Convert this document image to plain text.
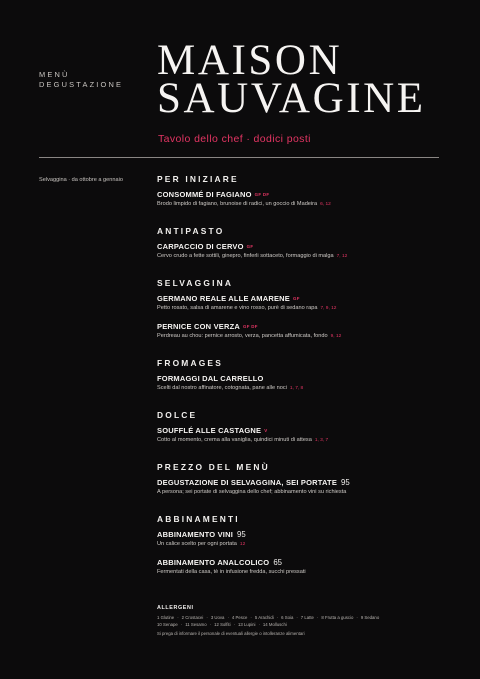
MENÙ
DEGUSTAZIONE
MAISON
SAUVAGINE
Tavolo dello chef · dodici posti
Selvaggina · da ottobre a gennaio	PER INIZIARE
CONSOMMÉ DI FAGIANO GF DF
Brodo limpido di fagiano, brunoise di radici, un goccio di Madeira 6, 12
ANTIPASTO
CARPACCIO DI CERVO GF
Cervo crudo a fette sottili, ginepro, finferli sottaceto, formaggio di malga 7, 12
SELVAGGINA
GERMANO REALE ALLE AMARENE GF
Petto rosato, salsa di amarene e vino rosso, purè di sedano rapa 7, 9, 12
PERNICE CON VERZA GF DF
Perdreau au chou: pernice arrosto, verza, pancetta affumicata, fondo 9, 12
FROMAGES
FORMAGGI DAL CARRELLO
Scelti dal nostro affinatore, cotognata, pane alle noci 1, 7, 8
DOLCE
SOUFFLÉ ALLE CASTAGNE V
Cotto al momento, crema alla vaniglia, quindici minuti di attesa 1, 3, 7
PREZZO DEL MENÙ
DEGUSTAZIONE DI SELVAGGINA, SEI PORTATE 95
A persona; sei portate di selvaggina dello chef; abbinamento vini su richiesta
ABBINAMENTI
ABBINAMENTO VINI 95
Un calice scelto per ogni portata 12
ABBINAMENTO ANALCOLICO 65
Fermentati della casa, tè in infusione fredda, succhi pressati
ALLERGENI
1 Glutine · 2 Crostacei · 3 Uova · 4 Pesce · 5 Arachidi · 6 Soia · 7 Latte · 8 Frutta a guscio · 9 Sedano
10 Senape · 11 Sesamo · 12 Solfiti · 13 Lupini · 14 Molluschi
Si prega di informare il personale di eventuali allergie o intolleranze alimentari
